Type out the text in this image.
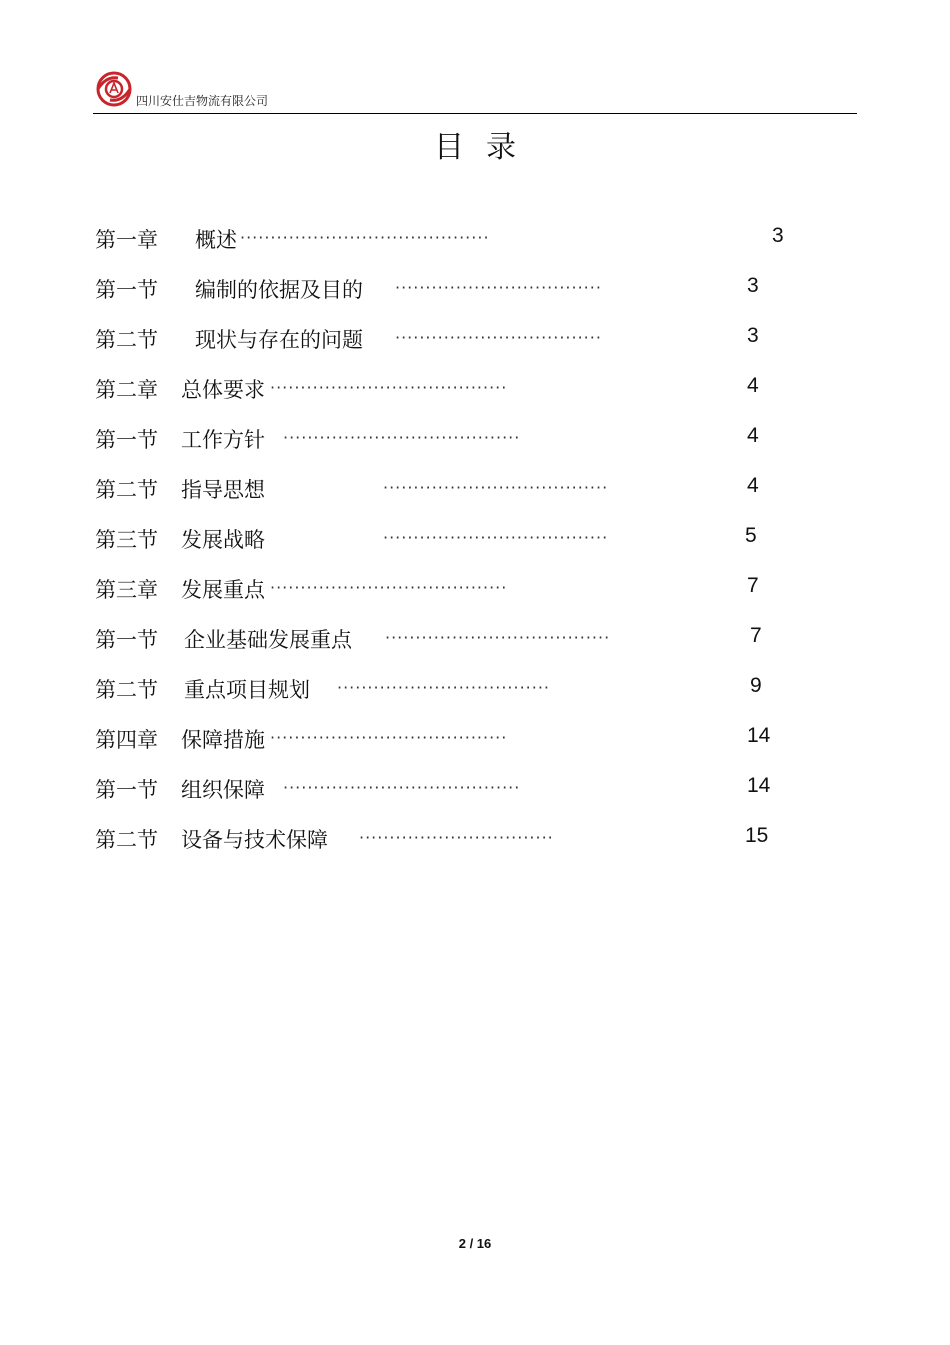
四川安仕吉物流有限公司
目录
第一章 概述 ·········································	3
第一节 编制的依据及目的 ··································	3
第二节 现状与存在的问题 ··································	3
第二章 总体要求 ·······································	4
第一节 工作方针 ·······································	4
第二节 指导思想	·····································	4
第三节 发展战略	·····································	5
第三章 发展重点 ·······································	7
第一节 企业基础发展重点 ·····································	7
第二节 重点项目规划 ···································	9
第四章 保障措施 ·······································	14
第一节 组织保障 ·······································	14
第二节 设备与技术保障 ································	15
2 / 16
